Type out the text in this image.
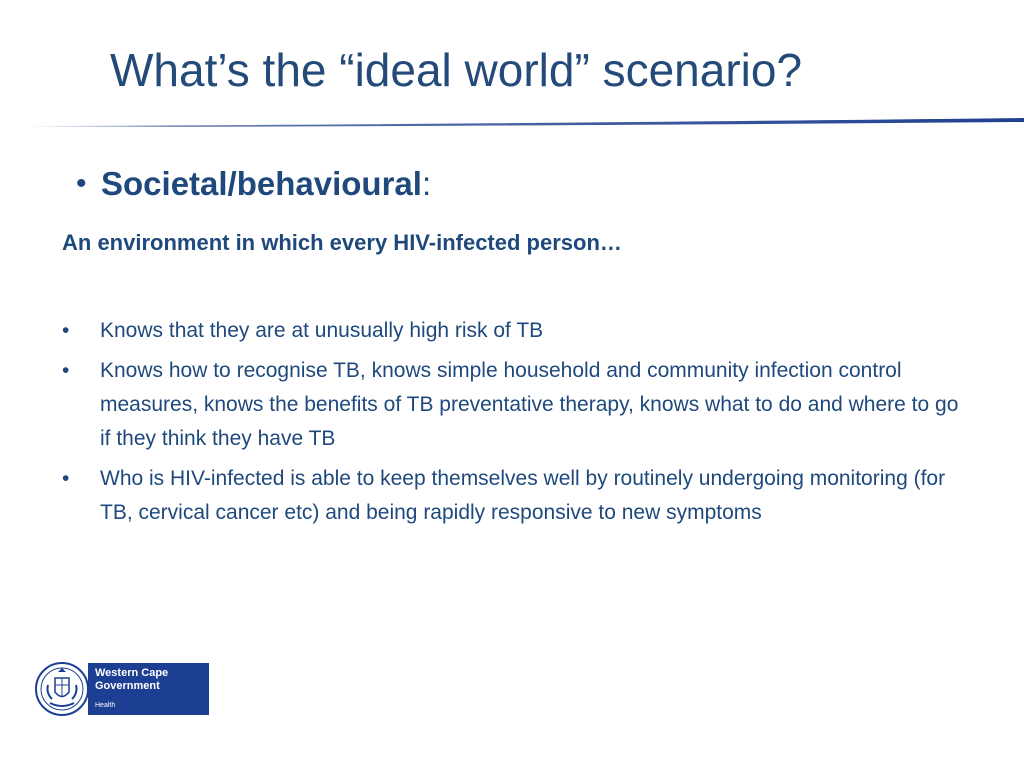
What’s the “ideal world” scenario?
• Societal/behavioural:
An environment in which every HIV-infected person…
• Knows that they are at unusually high risk of TB
• Knows how to recognise TB, knows simple household and community infection control measures, knows the benefits of TB preventative therapy, knows what to do and where to go if they think they have TB
• Who is HIV-infected is able to keep themselves well by routinely undergoing monitoring (for TB, cervical cancer etc) and being rapidly responsive to new symptoms
Western Cape
Government
Health
